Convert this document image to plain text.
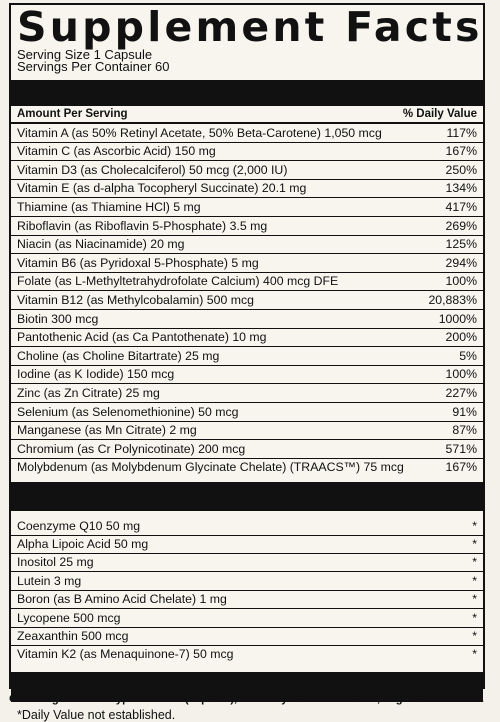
Supplement Facts
Serving Size 1 Capsule
Servings Per Container 60
Amount Per Serving	% Daily Value
Vitamin A (as 50% Retinyl Acetate, 50% Beta-Carotene) 1,050 mcg	117%
Vitamin C (as Ascorbic Acid) 150 mg	167%
Vitamin D3 (as Cholecalciferol) 50 mcg (2,000 IU)	250%
Vitamin E (as d-alpha Tocopheryl Succinate) 20.1 mg	134%
Thiamine (as Thiamine HCl) 5 mg	417%
Riboflavin (as Riboflavin 5-Phosphate) 3.5 mg	269%
Niacin (as Niacinamide) 20 mg	125%
Vitamin B6 (as Pyridoxal 5-Phosphate) 5 mg	294%
Folate (as L-Methyltetrahydrofolate Calcium) 400 mcg DFE	100%
Vitamin B12 (as Methylcobalamin) 500 mcg	20,883%
Biotin 300 mcg	1000%
Pantothenic Acid (as Ca Pantothenate) 10 mg	200%
Choline (as Choline Bitartrate) 25 mg	5%
Iodine (as K Iodide) 150 mcg	100%
Zinc (as Zn Citrate) 25 mg	227%
Selenium (as Selenomethionine) 50 mcg	91%
Manganese (as Mn Citrate) 2 mg	87%
Chromium (as Cr Polynicotinate) 200 mcg	571%
Molybdenum (as Molybdenum Glycinate Chelate) (TRAACS™) 75 mcg	167%
Coenzyme Q10 50 mg	*
Alpha Lipoic Acid 50 mg	*
Inositol 25 mg	*
Lutein 3 mg	*
Boron (as B Amino Acid Chelate) 1 mg	*
Lycopene 500 mcg	*
Zeaxanthin 500 mcg	*
Vitamin K2 (as Menaquinone-7) 50 mcg	*
*Daily Value not established.
Other ingredients: hypromellose (capsule), microcrystalline cellulose, vegetarian leucine.
